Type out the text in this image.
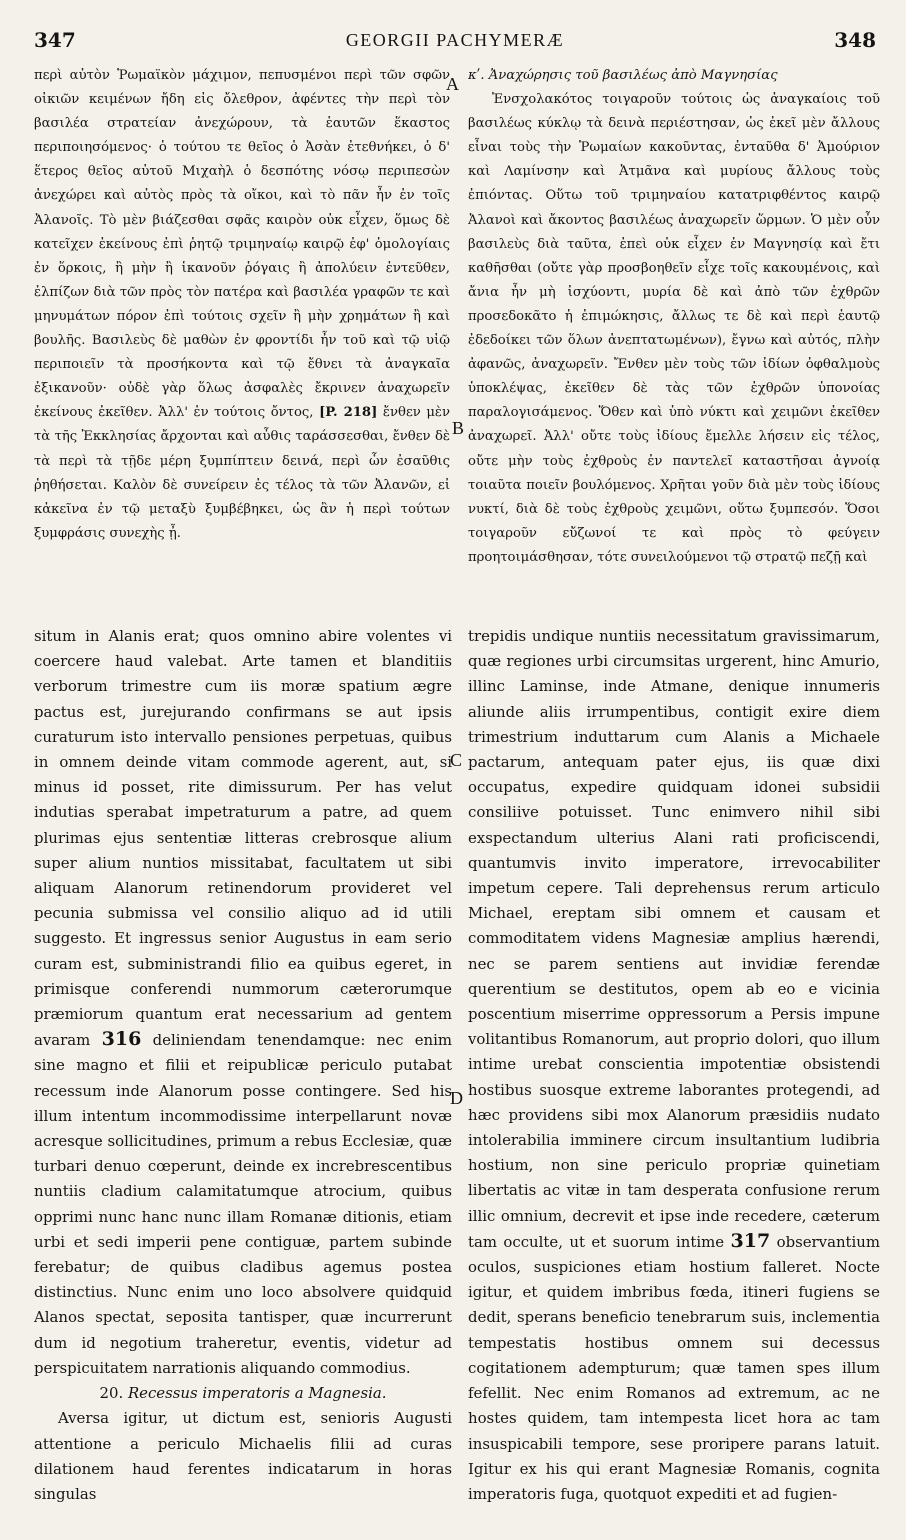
347	GEORGII PACHYMERÆ	348
A
B
C
D

περὶ αὐτὸν Ῥωμαϊκὸν μάχιμον, πεπυσμένοι περὶ τῶν σφῶν οἰκιῶν κειμένων ἤδη εἰς ὄλεθρον, ἀφέντες τὴν περὶ τὸν βασιλέα στρατείαν ἀνεχώρουν, τὰ ἑαυτῶν ἕκαστος περιποιησόμενος· ὁ τούτου τε θεῖος ὁ Ἀσὰν ἐτεθνήκει, ὁ δ' ἕτερος θεῖος αὐτοῦ Μιχαὴλ ὁ δεσπότης νόσῳ περιπεσὼν ἀνεχώρει καὶ αὐτὸς πρὸς τὰ οἴκοι, καὶ τὸ πᾶν ἦν ἐν τοῖς Ἀλανοῖς. Τὸ μὲν βιάζεσθαι σφᾶς καιρὸν οὐκ εἶχεν, ὅμως δὲ κατεῖχεν ἐκείνους ἐπὶ ῥητῷ τριμηναίῳ καιρῷ ἐφ' ὁμολογίαις ἐν ὅρκοις, ἢ μὴν ἢ ἱκανοῦν ῥόγαις ἢ ἀπολύειν ἐντεῦθεν, ἐλπίζων διὰ τῶν πρὸς τὸν πατέρα καὶ βασιλέα γραφῶν τε καὶ μηνυμάτων πόρον ἐπὶ τούτοις σχεῖν ἢ μὴν χρημάτων ἢ καὶ βουλῆς. Βασιλεὺς δὲ μαθὼν ἐν φροντίδι ἦν τοῦ καὶ τῷ υἱῷ περιποιεῖν τὰ προσήκοντα καὶ τῷ ἔθνει τὰ ἀναγκαῖα ἐξικανοῦν· οὐδὲ γὰρ ὅλως ἀσφαλὲς ἔκρινεν ἀναχωρεῖν ἐκείνους ἐκεῖθεν. Ἀλλ' ἐν τούτοις ὄντος, [P. 218] ἔνθεν μὲν τὰ τῆς Ἐκκλησίας ἄρχονται καὶ αὖθις ταράσσεσθαι, ἔνθεν δὲ τὰ περὶ τὰ τῇδε μέρη ξυμπίπτειν δεινά, περὶ ὧν ἐσαῦθις ῥηθήσεται. Καλὸν δὲ συνείρειν ἐς τέλος τὰ τῶν Ἀλανῶν, εἰ κἀκεῖνα ἐν τῷ μεταξὺ ξυμβέβηκει, ὡς ἂν ἡ περὶ τούτων ξυμφράσις συνεχὴς ᾖ.

κʹ. Ἀναχώρησις τοῦ βασιλέως ἀπὸ Μαγνησίας

Ἐνσχολακότος τοιγαροῦν τούτοις ὡς ἀναγκαίοις τοῦ βασιλέως κύκλῳ τὰ δεινὰ περιέστησαν, ὡς ἐκεῖ μὲν ἄλλους εἶναι τοὺς τὴν Ῥωμαίων κακοῦντας, ἐνταῦθα δ' Ἀμούριον καὶ Λαμίνσην καὶ Ἀτμᾶνα καὶ μυρίους ἄλλους τοὺς ἐπιόντας. Οὕτω τοῦ τριμηναίου κατατριφθέντος καιρῷ Ἀλανοὶ καὶ ἄκοντος βασιλέως ἀναχωρεῖν ὥρμων. Ὁ μὲν οὖν βασιλεὺς διὰ ταῦτα, ἐπεὶ οὐκ εἶχεν ἐν Μαγνησίᾳ καὶ ἔτι καθῆσθαι (οὔτε γὰρ προσβοηθεῖν εἶχε τοῖς κακουμένοις, καὶ ἄνια ἦν μὴ ἰσχύοντι, μυρία δὲ καὶ ἀπὸ τῶν ἐχθρῶν προσεδοκᾶτο ἡ ἐπιμώκησις, ἄλλως τε δὲ καὶ περὶ ἑαυτῷ ἐδεδοίκει τῶν ὅλων ἀνεπτατωμένων), ἔγνω καὶ αὐτός, πλὴν ἀφανῶς, ἀναχωρεῖν. Ἔνθεν μὲν τοὺς τῶν ἰδίων ὀφθαλμοὺς ὑποκλέψας, ἐκεῖθεν δὲ τὰς τῶν ἐχθρῶν ὑπονοίας παραλογισάμενος. Ὅθεν καὶ ὑπὸ νύκτι καὶ χειμῶνι ἐκεῖθεν ἀναχωρεῖ. Ἀλλ' οὔτε τοὺς ἰδίους ἔμελλε λήσειν εἰς τέλος, οὔτε μὴν τοὺς ἐχθροὺς ἐν παντελεῖ καταστῆσαι ἀγνοίᾳ τοιαῦτα ποιεῖν βουλόμενος. Χρῆται γοῦν διὰ μὲν τοὺς ἰδίους νυκτί, διὰ δὲ τοὺς ἐχθροὺς χειμῶνι, οὕτω ξυμπεσόν. Ὅσοι τοιγαροῦν εὔζωνοί τε καὶ πρὸς τὸ φεύγειν προητοιμάσθησαν, τότε συνειλούμενοι τῷ στρατῷ πεζῇ καὶ

situm in Alanis erat; quos omnino abire volentes vi coercere haud valebat. Arte tamen et blanditiis verborum trimestre cum iis moræ spatium ægre pactus est, jurejurando confirmans se aut ipsis curaturum isto intervallo pensiones perpetuas, quibus in omnem deinde vitam commode agerent, aut, si minus id posset, rite dimissurum. Per has velut indutias sperabat impetraturum a patre, ad quem plurimas ejus sententiæ litteras crebrosque alium super alium nuntios missitabat, facultatem ut sibi aliquam Alanorum retinendorum provideret vel pecunia submissa vel consilio aliquo ad id utili suggesto. Et ingressus senior Augustus in eam serio curam est, subministrandi filio ea quibus egeret, in primisque conferendi nummorum cæterorumque præmiorum quantum erat necessarium ad gentem avaram 316 deliniendam tenendamque: nec enim sine magno et filii et reipublicæ periculo putabat recessum inde Alanorum posse contingere. Sed his illum intentum incommodissime interpellarunt novæ acresque sollicitudines, primum a rebus Ecclesiæ, quæ turbari denuo cœperunt, deinde ex increbrescentibus nuntiis cladium calamitatumque atrocium, quibus opprimi nunc hanc nunc illam Romanæ ditionis, etiam urbi et sedi imperii pene contiguæ, partem subinde ferebatur; de quibus cladibus agemus postea distinctius. Nunc enim uno loco absolvere quidquid Alanos spectat, seposita tantisper, quæ incurrerunt dum id negotium traheretur, eventis, videtur ad perspicuitatem narrationis aliquando commodius.

20. Recessus imperatoris a Magnesia.

Aversa igitur, ut dictum est, senioris Augusti attentione a periculo Michaelis filii ad curas dilationem haud ferentes indicatarum in horas singulas

trepidis undique nuntiis necessitatum gravissimarum, quæ regiones urbi circumsitas urgerent, hinc Amurio, illinc Laminse, inde Atmane, denique innumeris aliunde aliis irrumpentibus, contigit exire diem trimestrium induttarum cum Alanis a Michaele pactarum, antequam pater ejus, iis quæ dixi occupatus, expedire quidquam idonei subsidii consiliive potuisset. Tunc enimvero nihil sibi exspectandum ulterius Alani rati proficiscendi, quantumvis invito imperatore, irrevocabiliter impetum cepere. Tali deprehensus rerum articulo Michael, ereptam sibi omnem et causam et commoditatem videns Magnesiæ amplius hærendi, nec se parem sentiens aut invidiæ ferendæ querentium se destitutos, opem ab eo e vicinia poscentium miserrime oppressorum a Persis impune volitantibus Romanorum, aut proprio dolori, quo illum intime urebat conscientia impotentiæ obsistendi hostibus suosque extreme laborantes protegendi, ad hæc providens sibi mox Alanorum præsidiis nudato intolerabilia imminere circum insultantium ludibria hostium, non sine periculo propriæ quinetiam libertatis ac vitæ in tam desperata confusione rerum illic omnium, decrevit et ipse inde recedere, cæterum tam occulte, ut et suorum intime 317 observantium oculos, suspiciones etiam hostium falleret. Nocte igitur, et quidem imbribus fœda, itineri fugiens se dedit, sperans beneficio tenebrarum suis, inclementia tempestatis hostibus omnem sui decessus cogitationem adempturum; quæ tamen spes illum fefellit. Nec enim Romanos ad extremum, ac ne hostes quidem, tam intempesta licet hora ac tam insuspicabili tempore, sese proripere parans latuit. Igitur ex his qui erant Magnesiæ Romanis, cognita imperatoris fuga, quotquot expediti et ad fugien-
